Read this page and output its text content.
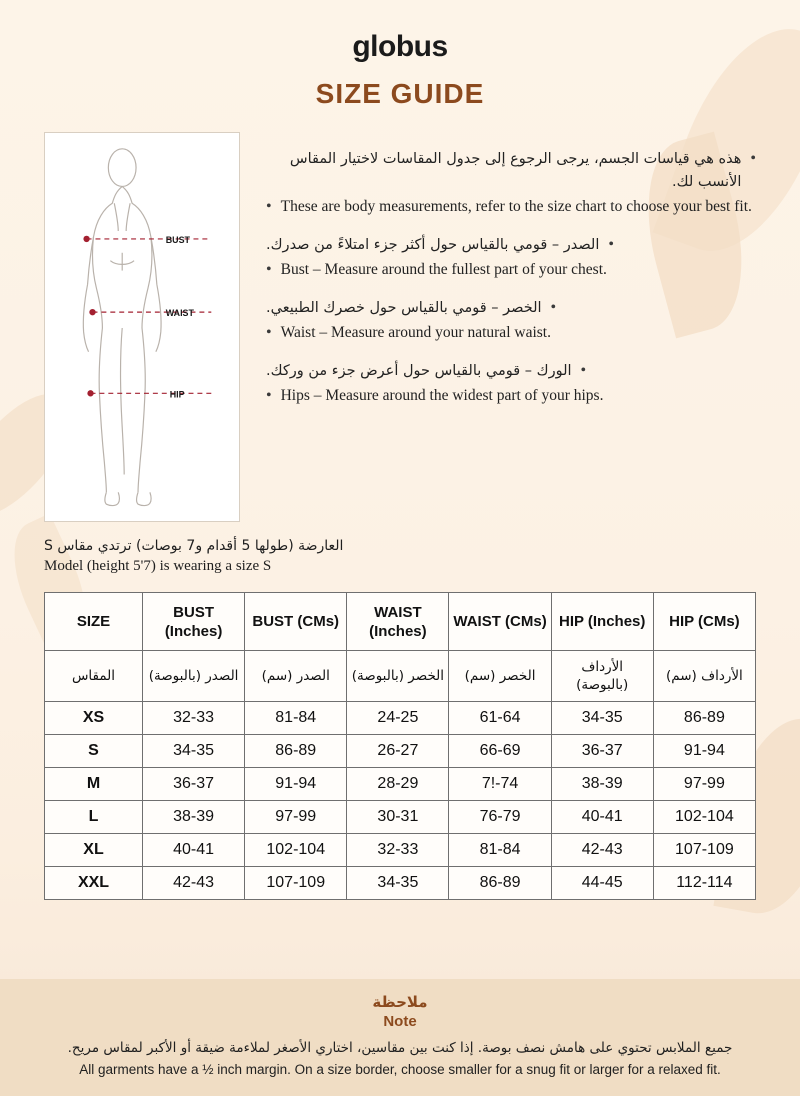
globus
SIZE GUIDE
BUST
WAIST
HIP
•
هذه هي قياسات الجسم، يرجى الرجوع إلى جدول المقاسات لاختيار المقاس الأنسب لك.
• These are body measurements, refer to the size chart to choose your best fit.
•
الصدر – قومي بالقياس حول أكثر جزء امتلاءً من صدرك.
• Bust – Measure around the fullest part of your chest.
•
الخصر – قومي بالقياس حول خصرك الطبيعي.
• Waist – Measure around your natural waist.
•
الورك – قومي بالقياس حول أعرض جزء من وركك.
• Hips – Measure around the widest part of your hips.
العارضة (طولها 5 أقدام و7 بوصات) ترتدي مقاس S
Model (height 5'7) is wearing a size S
SIZE	BUST (Inches)	BUST (CMs)	WAIST (Inches)	WAIST (CMs)	HIP (Inches)	HIP (CMs)
المقاس	الصدر (بالبوصة)	الصدر (سم)	الخصر (بالبوصة)	الخصر (سم)	الأرداف (بالبوصة)	الأرداف (سم)
XS	32-33	81-84	24-25	61-64	34-35	86-89
S	34-35	86-89	26-27	66-69	36-37	91-94
M	36-37	91-94	28-29	7!-74	38-39	97-99
L	38-39	97-99	30-31	76-79	40-41	102-104
XL	40-41	102-104	32-33	81-84	42-43	107-109
XXL	42-43	107-109	34-35	86-89	44-45	112-114
ملاحظة
Note
جميع الملابس تحتوي على هامش نصف بوصة. إذا كنت بين مقاسين، اختاري الأصغر لملاءمة ضيقة أو الأكبر لمقاس مريح.
All garments have a ½ inch margin. On a size border, choose smaller for a snug fit or larger for a relaxed fit.
